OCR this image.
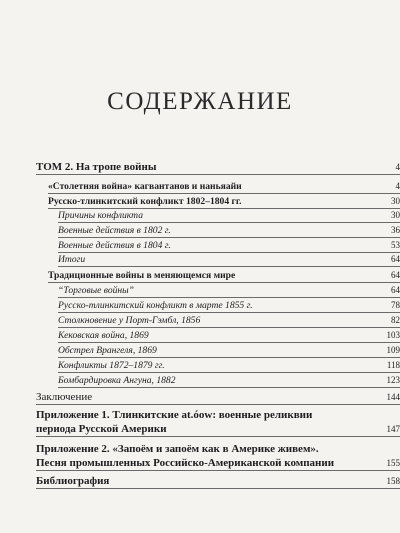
СОДЕРЖАНИЕ
ТОМ 2. На тропе войны	4
«Столетняя война» кагвантанов и наньяайи	4
Русско-тлинкитский конфликт 1802–1804 гг.	30
Причины конфликта	30
Военные действия в 1802 г.	36
Военные действия в 1804 г.	53
Итоги	64
Традиционные войны в меняющемся мире	64
“Торговые войны”	64
Русско-тлинкитский конфликт в марте 1855 г.	78
Столкновение у Порт-Гэмбл, 1856	82
Кековская война, 1869	103
Обстрел Врангеля, 1869	109
Конфликты 1872–1879 гг.	118
Бомбардировка Ангуна, 1882	123
Заключение	144
Приложение 1. Тлинкитские at.óow: военные реликвии
периода Русской Америки	147
Приложение 2. «Запоём и запоём как в Америке живем».
Песня промышленных Российско-Американской компании	155
Библиография	158
